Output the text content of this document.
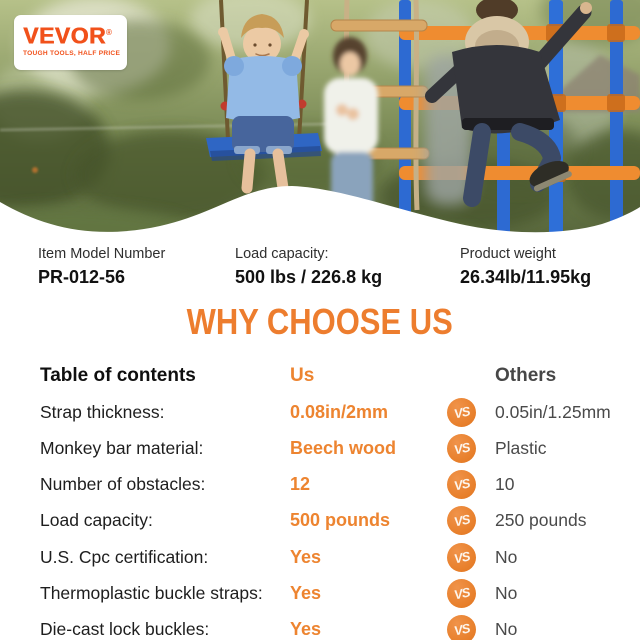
VEVOR®
TOUGH TOOLS, HALF PRICE
Item Model Number
PR-012-56
Load capacity:
500 lbs / 226.8 kg
Product weight
26.34lb/11.95kg
WHY CHOOSE US
Table of contents	Us	Others
Strap thickness:	0.08in/2mm	VS 0.05in/1.25mm
Monkey bar material:	Beech wood	VS Plastic
Number of obstacles:	12	VS 10
Load capacity:	500 pounds	VS 250 pounds
U.S. Cpc certification:	Yes	VS No
Thermoplastic buckle straps:	Yes	VS No
Die-cast lock buckles:	Yes	VS No
